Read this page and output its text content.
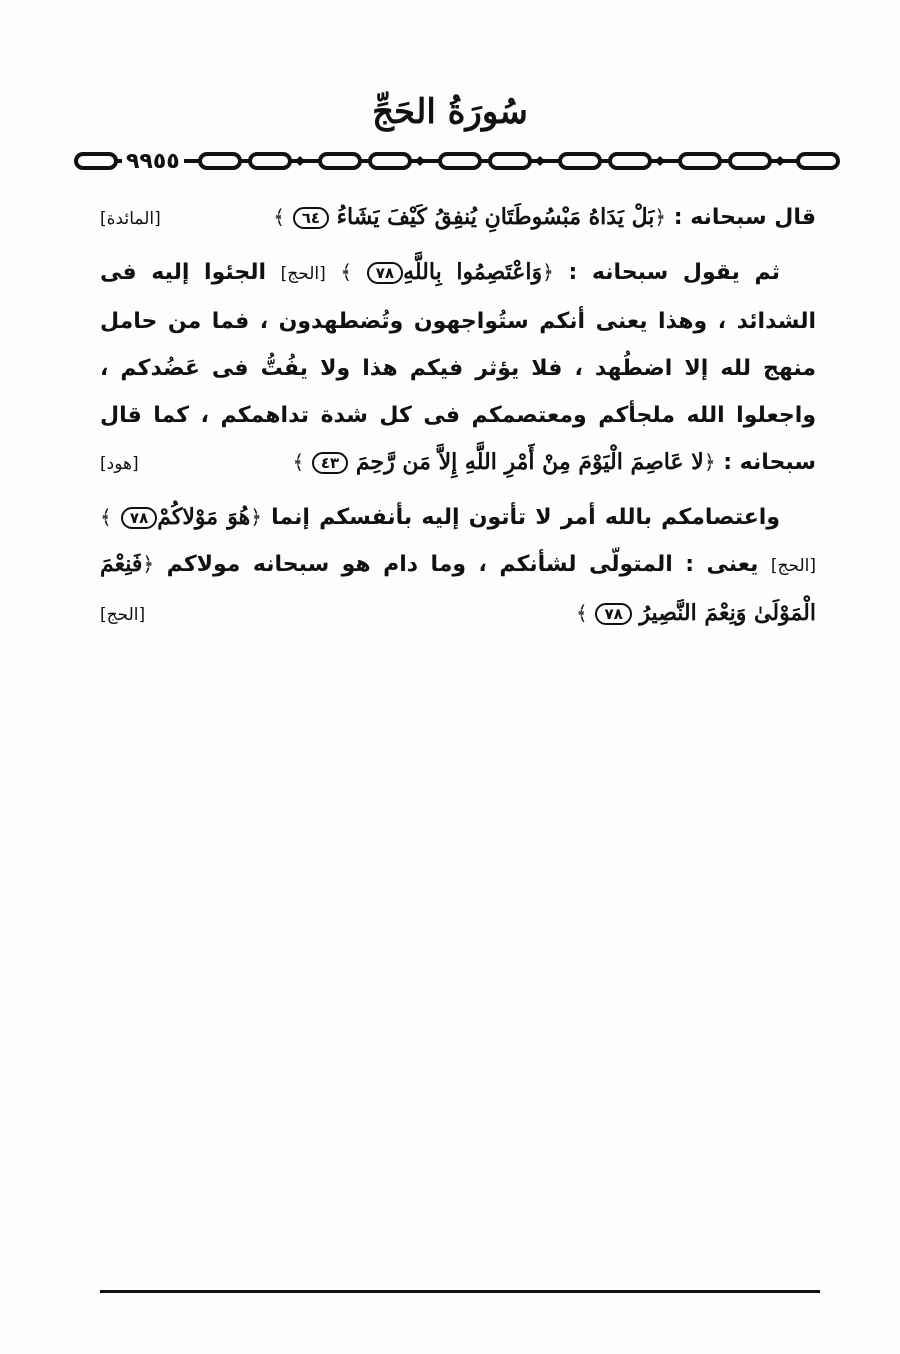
سُورَةُ الحَجِّ
٩٩٥٥

[المائدة]	قال سبحانه : ﴿بَلْ يَدَاهُ مَبْسُوطَتَانِ يُنفِقُ كَيْفَ يَشَاءُ ٦٤ ﴾

ثم يقول سبحانه : ﴿وَاعْتَصِمُوا بِاللَّهِ٧٨ ﴾ [الحج] الجئوا إليه فى الشدائد ، وهذا يعنى أنكم ستُواجهون وتُضطهدون ، فما من حامل منهج لله إلا اضطُهد ، فلا يؤثر فيكم هذا ولا يفُتُّ فى عَضُدكم ، واجعلوا الله ملجأكم ومعتصمكم فى كل شدة تداهمكم ، كما قال سبحانه : ﴿لا عَاصِمَ الْيَوْمَ مِنْ أَمْرِ اللَّهِ إِلاَّ مَن رَّحِمَ ٤٣ ﴾
[هود]

واعتصامكم بالله أمر لا تأتون إليه بأنفسكم إنما ﴿هُوَ مَوْلاكُمْ٧٨ ﴾ [الحج] يعنى : المتولّى لشأنكم ، وما دام هو سبحانه مولاكم ﴿فَنِعْمَ الْمَوْلَىٰ وَنِعْمَ النَّصِيرُ ٧٨ ﴾
[الحج]
